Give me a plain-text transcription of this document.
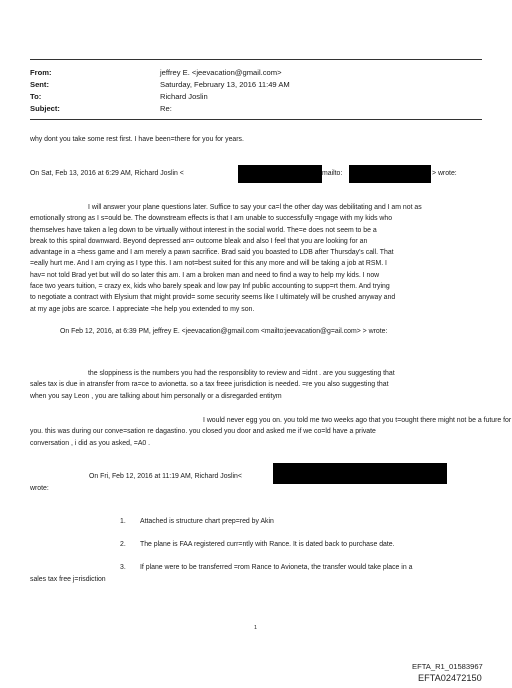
From:
Sent:
To:
Subject:
jeffrey E. <jeevacation@gmail.com>
Saturday, February 13, 2016 11:49 AM
Richard Joslin
Re:
why dont you take some rest first. I have been=there for you for years.
On Sat, Feb 13, 2016 at 6:29 AM, Richard Joslin <	mailto:	> wrote:
I will answer your plane questions later. Suffice to say your ca=l the other day was debilitating and I am not as
emotionally strong as I s=ould be. The downstream effects is that I am unable to successfully =ngage with my kids who
themselves have taken a leg down to be virtually without interest in the social world. The=e does not seem to be a
break to this spiral downward. Beyond depressed an= outcome bleak and also I feel that you are looking for an
advantage in a =hess game and I am merely a pawn sacrifice. Brad said you boasted to LDB after Thursday's call. That
=eally hurt me. And I am crying as I type this. I am not=best suited for this any more and will be taking a job at RSM. I
hav= not told Brad yet but will do so later this am. I am a broken man and need to find a way to help my kids. I now
face two years tuition, = crazy ex, kids who barely speak and low pay Inf public accounting to supp=rt them. And trying
to negotiate a contract with Elysium that might provid= some security seems like I ultimately will be crushed anyway and
at my age jobs are scarce. I appreciate =he help you extended to my son.
On Feb 12, 2016, at 6:39 PM, jeffrey E. <jeevacation@gmail.com <mailto:jeevacation@g=ail.com> > wrote:
the sloppiness is the numbers you had the responsiblity to review and =idnt . are you suggesting that
sales tax is due in atransfer from ra=ce to avionetta. so a tax freee jurisdiction is needed. =re you also suggesting that
when you say Leon , you are talking about him personally or a disregarded entitym
I would never egg you on. you told me two weeks ago that you t=ought there might not be a future for
you. this was during our conve=sation re dagastino. you closed you door and asked me if we co=ld have a private
conversation , i did as you asked, =A0 .
On Fri, Feb 12, 2016 at 11:19 AM, Richard Joslin<
wrote:
1. Attached is structure chart prep=red by Akin
2. The plane is FAA registered curr=ntly with Rance. It is dated back to purchase date.
3. If plane were to be transferred =rom Rance to Avioneta, the transfer would take place in a
sales tax free j=risdiction
1
EFTA_R1_01583967
EFTA02472150
